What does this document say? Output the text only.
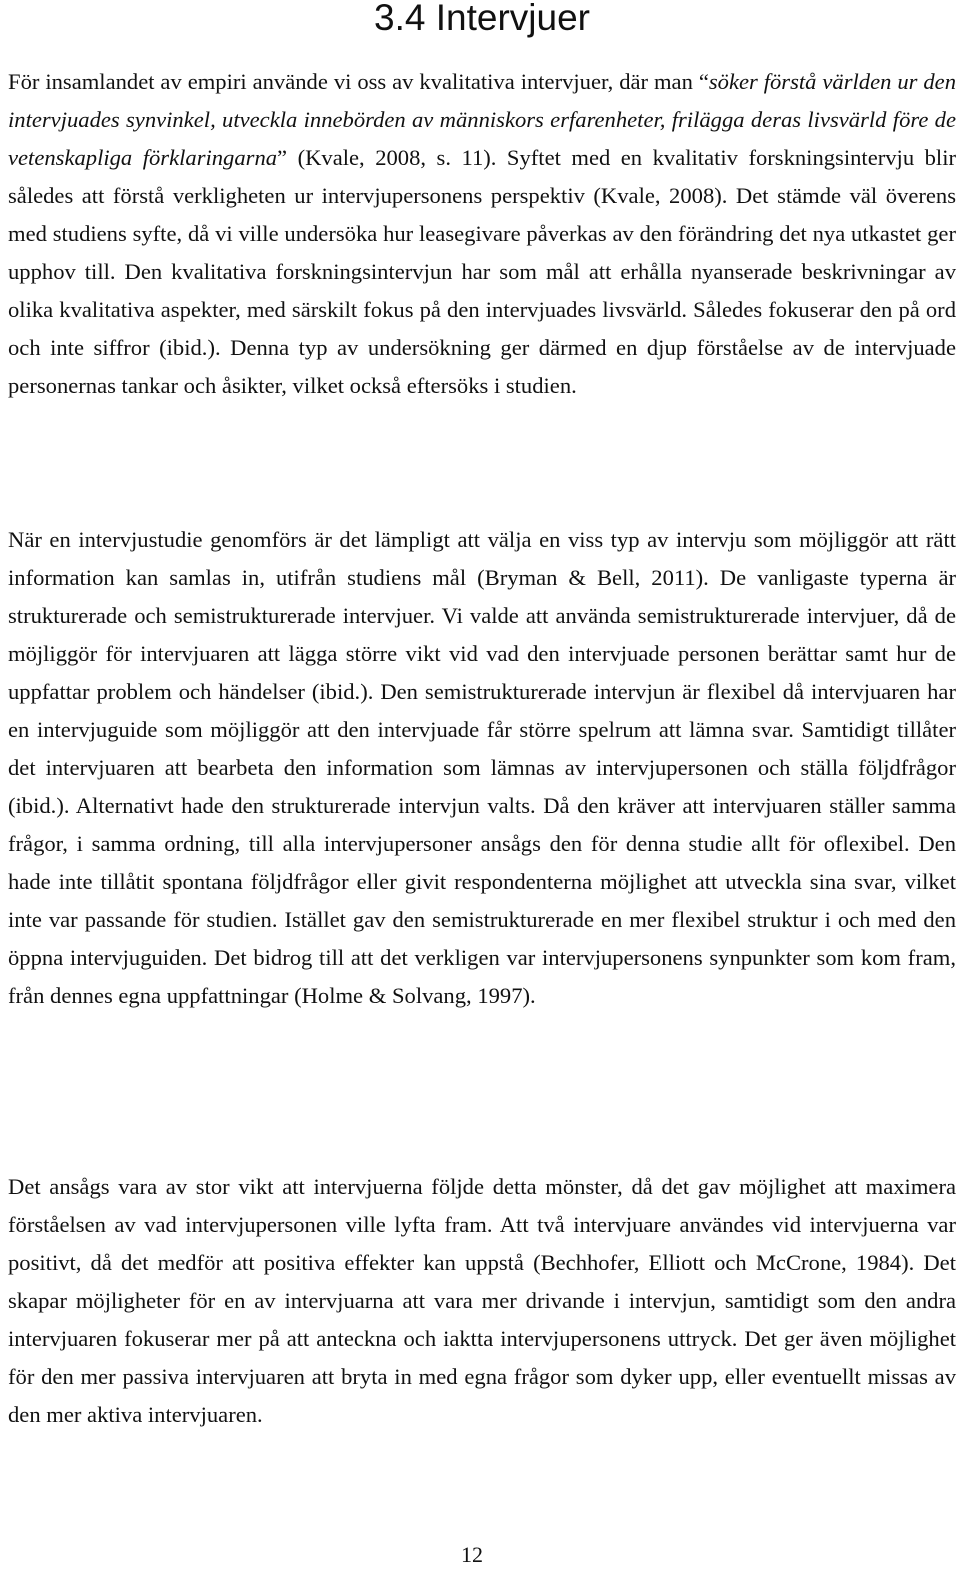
3.4 Intervjuer

För insamlandet av empiri använde vi oss av kvalitativa intervjuer, där man “söker förstå världen ur den intervjuades synvinkel, utveckla innebörden av människors erfarenheter, frilägga deras livsvärld före de vetenskapliga förklaringarna” (Kvale, 2008, s. 11). Syftet med en kvalitativ forskningsintervju blir således att förstå verkligheten ur intervjupersonens perspektiv (Kvale, 2008). Det stämde väl överens med studiens syfte, då vi ville undersöka hur leasegivare påverkas av den förändring det nya utkastet ger upphov till. Den kvalitativa forskningsintervjun har som mål att erhålla nyanserade beskrivningar av olika kvalitativa aspekter, med särskilt fokus på den intervjuades livsvärld. Således fokuserar den på ord och inte siffror (ibid.). Denna typ av undersökning ger därmed en djup förståelse av de intervjuade personernas tankar och åsikter, vilket också eftersöks i studien.

När en intervjustudie genomförs är det lämpligt att välja en viss typ av intervju som möjliggör att rätt information kan samlas in, utifrån studiens mål (Bryman & Bell, 2011). De vanligaste typerna är strukturerade och semistrukturerade intervjuer. Vi valde att använda semistrukturerade intervjuer, då de möjliggör för intervjuaren att lägga större vikt vid vad den intervjuade personen berättar samt hur de uppfattar problem och händelser (ibid.). Den semistrukturerade intervjun är flexibel då intervjuaren har en intervjuguide som möjliggör att den intervjuade får större spelrum att lämna svar. Samtidigt tillåter det intervjuaren att bearbeta den information som lämnas av intervjupersonen och ställa följdfrågor (ibid.). Alternativt hade den strukturerade intervjun valts. Då den kräver att intervjuaren ställer samma frågor, i samma ordning, till alla intervjupersoner ansågs den för denna studie allt för oflexibel. Den hade inte tillåtit spontana följdfrågor eller givit respondenterna möjlighet att utveckla sina svar, vilket inte var passande för studien. Istället gav den semistrukturerade en mer flexibel struktur i och med den öppna intervjuguiden. Det bidrog till att det verkligen var intervjupersonens synpunkter som kom fram, från dennes egna uppfattningar (Holme & Solvang, 1997).

Det ansågs vara av stor vikt att intervjuerna följde detta mönster, då det gav möjlighet att maximera förståelsen av vad intervjupersonen ville lyfta fram. Att två intervjuare användes vid intervjuerna var positivt, då det medför att positiva effekter kan uppstå (Bechhofer, Elliott och McCrone, 1984). Det skapar möjligheter för en av intervjuarna att vara mer drivande i intervjun, samtidigt som den andra intervjuaren fokuserar mer på att anteckna och iaktta intervjupersonens uttryck. Det ger även möjlighet för den mer passiva intervjuaren att bryta in med egna frågor som dyker upp, eller eventuellt missas av den mer aktiva intervjuaren.

12
